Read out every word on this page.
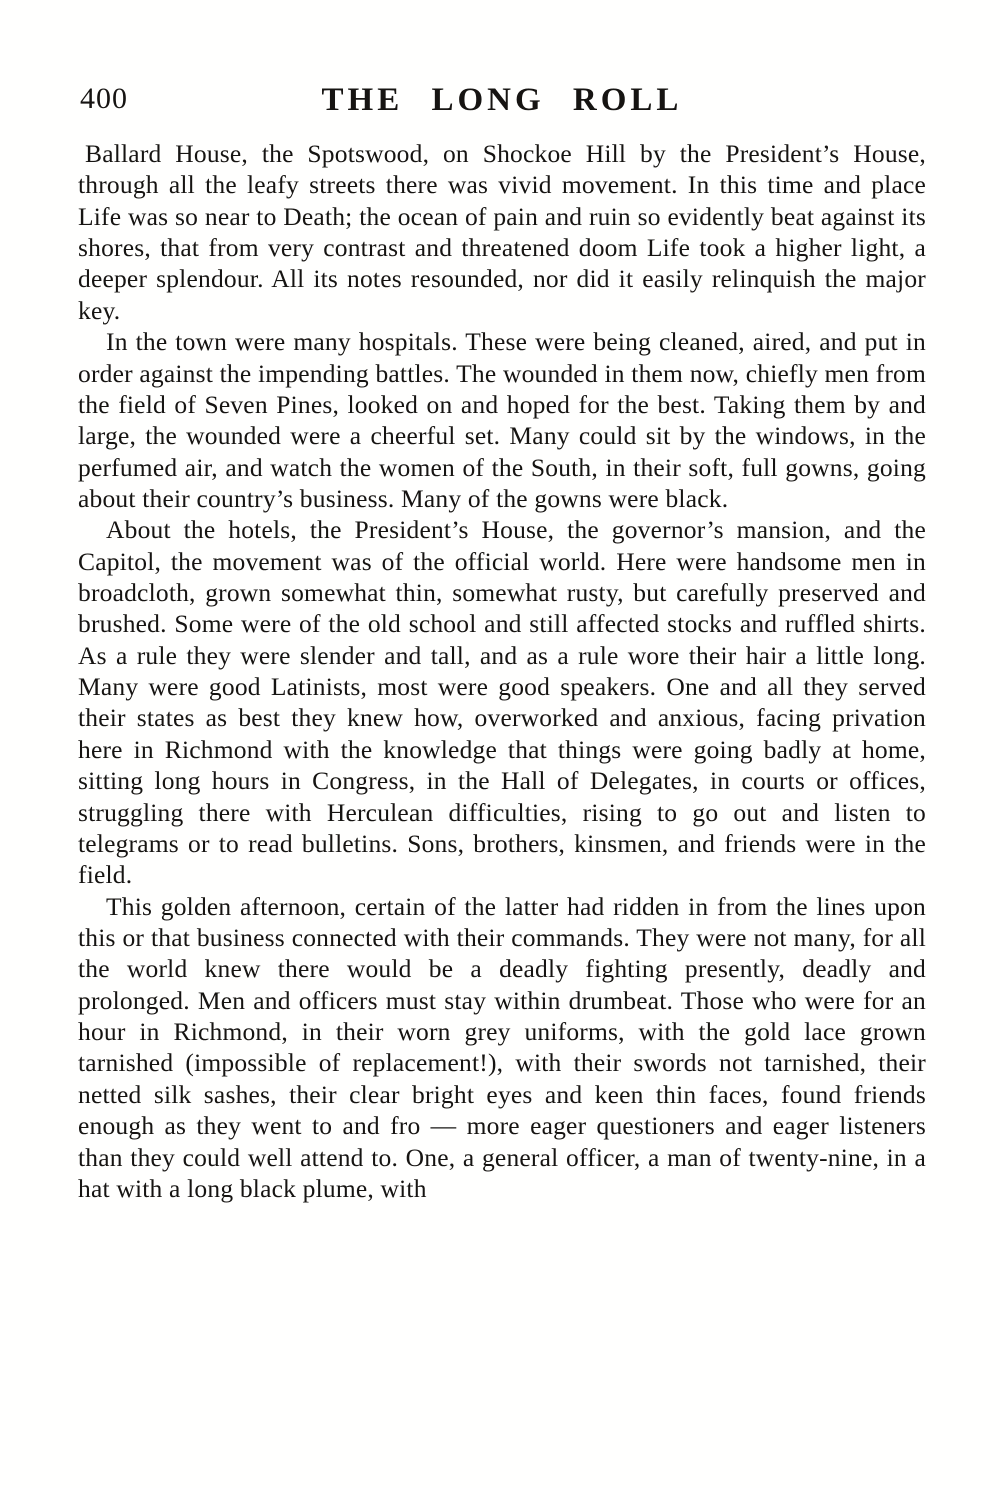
400	THE LONG ROLL

Ballard House, the Spotswood, on Shockoe Hill by the President’s House, through all the leafy streets there was vivid movement. In this time and place Life was so near to Death; the ocean of pain and ruin so evidently beat against its shores, that from very contrast and threatened doom Life took a higher light, a deeper splendour. All its notes resounded, nor did it easily relinquish the major key.

In the town were many hospitals. These were being cleaned, aired, and put in order against the impending battles. The wounded in them now, chiefly men from the field of Seven Pines, looked on and hoped for the best. Taking them by and large, the wounded were a cheerful set. Many could sit by the windows, in the perfumed air, and watch the women of the South, in their soft, full gowns, going about their country’s business. Many of the gowns were black.

About the hotels, the President’s House, the governor’s mansion, and the Capitol, the movement was of the official world. Here were handsome men in broadcloth, grown somewhat thin, somewhat rusty, but carefully preserved and brushed. Some were of the old school and still affected stocks and ruffled shirts. As a rule they were slender and tall, and as a rule wore their hair a little long. Many were good Latinists, most were good speakers. One and all they served their states as best they knew how, overworked and anxious, facing privation here in Richmond with the knowledge that things were going badly at home, sitting long hours in Congress, in the Hall of Delegates, in courts or offices, struggling there with Herculean difficulties, rising to go out and listen to telegrams or to read bulletins. Sons, brothers, kinsmen, and friends were in the field.

This golden afternoon, certain of the latter had ridden in from the lines upon this or that business connected with their commands. They were not many, for all the world knew there would be a deadly fighting presently, deadly and prolonged. Men and officers must stay within drumbeat. Those who were for an hour in Richmond, in their worn grey uniforms, with the gold lace grown tarnished (impossible of replacement!), with their swords not tarnished, their netted silk sashes, their clear bright eyes and keen thin faces, found friends enough as they went to and fro — more eager questioners and eager listeners than they could well attend to. One, a general officer, a man of twenty-nine, in a hat with a long black plume, with
